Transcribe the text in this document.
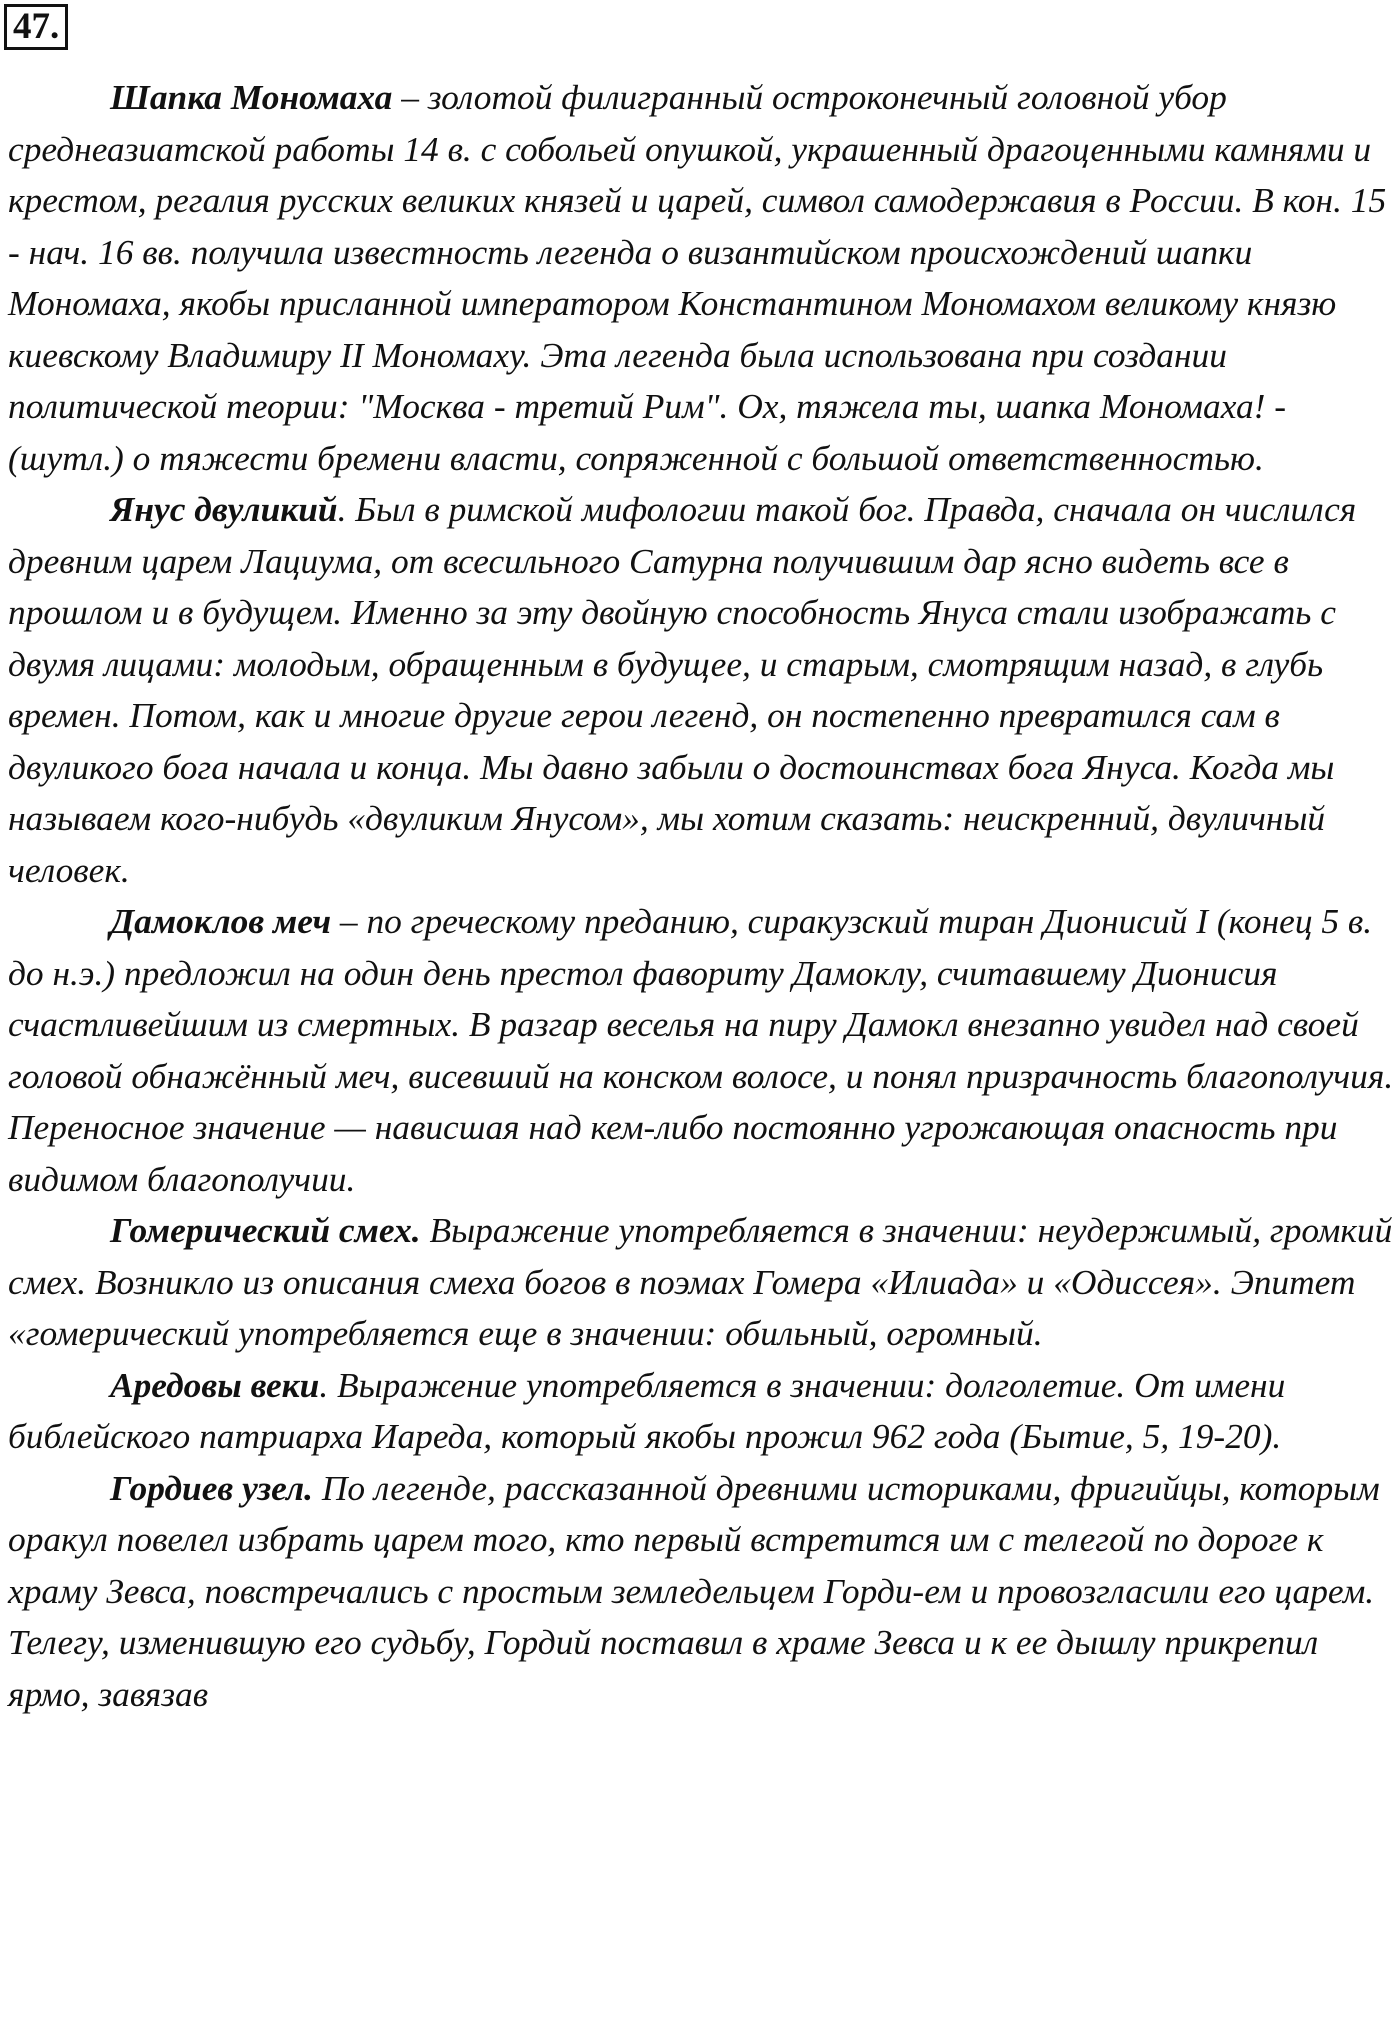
47.

Шапка Мономаха – золотой филигранный остроконечный головной убор среднеазиатской работы 14 в. с собольей опушкой, украшенный драгоценными камнями и крестом, регалия русских великих князей и царей, символ самодержавия в России. В кон. 15 - нач. 16 вв. получила известность легенда о византийском происхождений шапки Мономаха, якобы присланной императором Константином Мономахом великому князю киевскому Владимиру II Мономаху. Эта легенда была использована при создании политической теории: "Москва - третий Рим". Ох, тяжела ты, шапка Мономаха! - (шутл.) о тяжести бремени власти, сопряженной с большой ответственностью.

Янус двуликий. Был в римской мифологии такой бог. Правда, сначала он числился древним царем Лациума, от всесильного Сатурна получившим дар ясно видеть все в прошлом и в будущем. Именно за эту двойную способность Януса стали изображать с двумя лицами: молодым, обращенным в будущее, и старым, смотрящим назад, в глубь времен. Потом, как и многие другие герои легенд, он постепенно превратился сам в двуликого бога начала и конца. Мы давно забыли о достоинствах бога Януса. Когда мы называем кого-нибудь «двуликим Янусом», мы хотим сказать: неискренний, двуличный человек.

Дамоклов меч – по греческому преданию, сиракузский тиран Дионисий I (конец 5 в. до н.э.) предложил на один день престол фавориту Дамоклу, считавшему Дионисия счастливейшим из смертных. В разгар веселья на пиру Дамокл внезапно увидел над своей головой обнажённый меч, висевший на конском волосе, и понял призрачность благополучия. Переносное значение — нависшая над кем-либо постоянно угрожающая опасность при видимом благополучии.

Гомерический смех. Выражение употребляется в значении: неудержимый, громкий смех. Возникло из описания смеха богов в поэмах Гомера «Илиада» и «Одиссея». Эпитет «гомерический употребляется еще в значении: обильный, огромный.

Аредовы веки. Выражение употребляется в значении: долголетие. От имени библейского патриарха Иареда, который якобы прожил 962 года (Бытие, 5, 19-20).

Гордиев узел. По легенде, рассказанной древними историками, фригийцы, которым оракул повелел избрать царем того, кто первый встретится им с телегой по дороге к храму Зевса, повстречались с простым земледельцем Горди-ем и провозгласили его царем. Телегу, изменившую его судьбу, Гордий поставил в храме Зевса и к ее дышлу прикрепил ярмо, завязав
